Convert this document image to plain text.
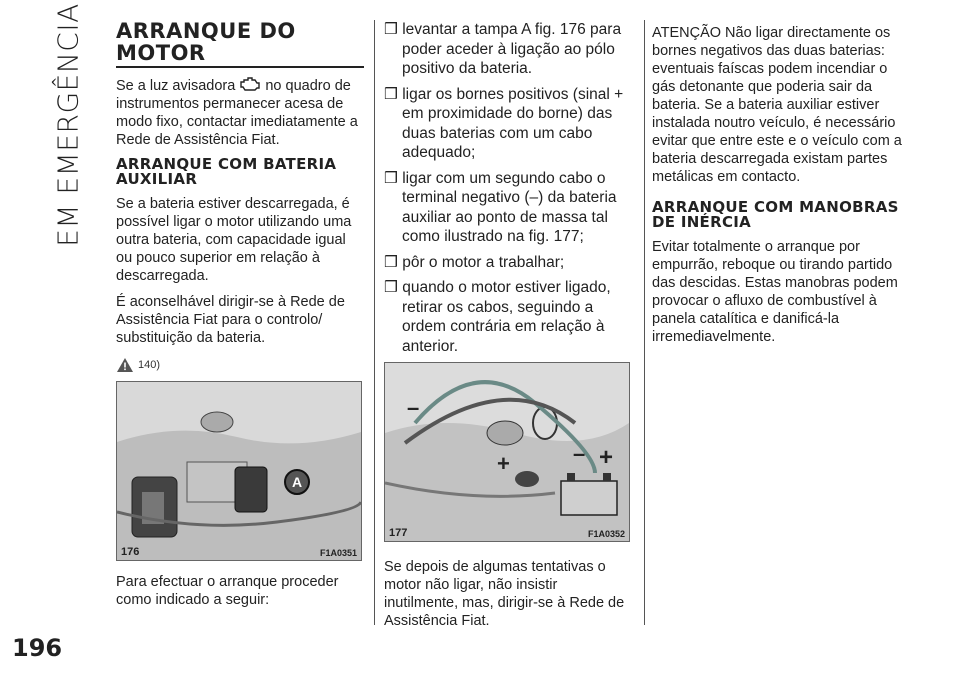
EM EMERGÊNCIA
196
ARRANQUE DO MOTOR

Se a luz avisadora no quadro de instrumentos permanecer acesa de modo fixo, contactar imediatamente a Rede de Assistência Fiat.

ARRANQUE COM BATERIA AUXILIAR

Se a bateria estiver descarregada, é possível ligar o motor utilizando uma outra bateria, com capacidade igual ou pouco superior em relação à descarregada.

É aconselhável dirigir-se à Rede de Assistência Fiat para o controlo/ substituição da bateria.

140)
A
176	F1A0351

Para efectuar o arranque proceder como indicado a seguir:

❒ levantar a tampa A fig. 176 para poder aceder à ligação ao pólo positivo da bateria.

❒ ligar os bornes positivos (sinal + em proximidade do borne) das duas baterias com um cabo adequado;

❒ ligar com um segundo cabo o terminal negativo (–) da bateria auxiliar ao ponto de massa tal como ilustrado na fig. 177;

❒ pôr o motor a trabalhar;

❒ quando o motor estiver ligado, retirar os cabos, seguindo a ordem contrária em relação à anterior.

–
+	– +
177	F1A0352

Se depois de algumas tentativas o motor não ligar, não insistir inutilmente, mas, dirigir-se à Rede de Assistência Fiat.

ATENÇÃO Não ligar directamente os bornes negativos das duas baterias: eventuais faíscas podem incendiar o gás detonante que poderia sair da bateria. Se a bateria auxiliar estiver instalada noutro veículo, é necessário evitar que entre este e o veículo com a bateria descarregada existam partes metálicas em contacto.

ARRANQUE COM MANOBRAS DE INÉRCIA

Evitar totalmente o arranque por empurrão, reboque ou tirando partido das descidas. Estas manobras podem provocar o afluxo de combustível à panela catalítica e danificá-la irremediavelmente.
